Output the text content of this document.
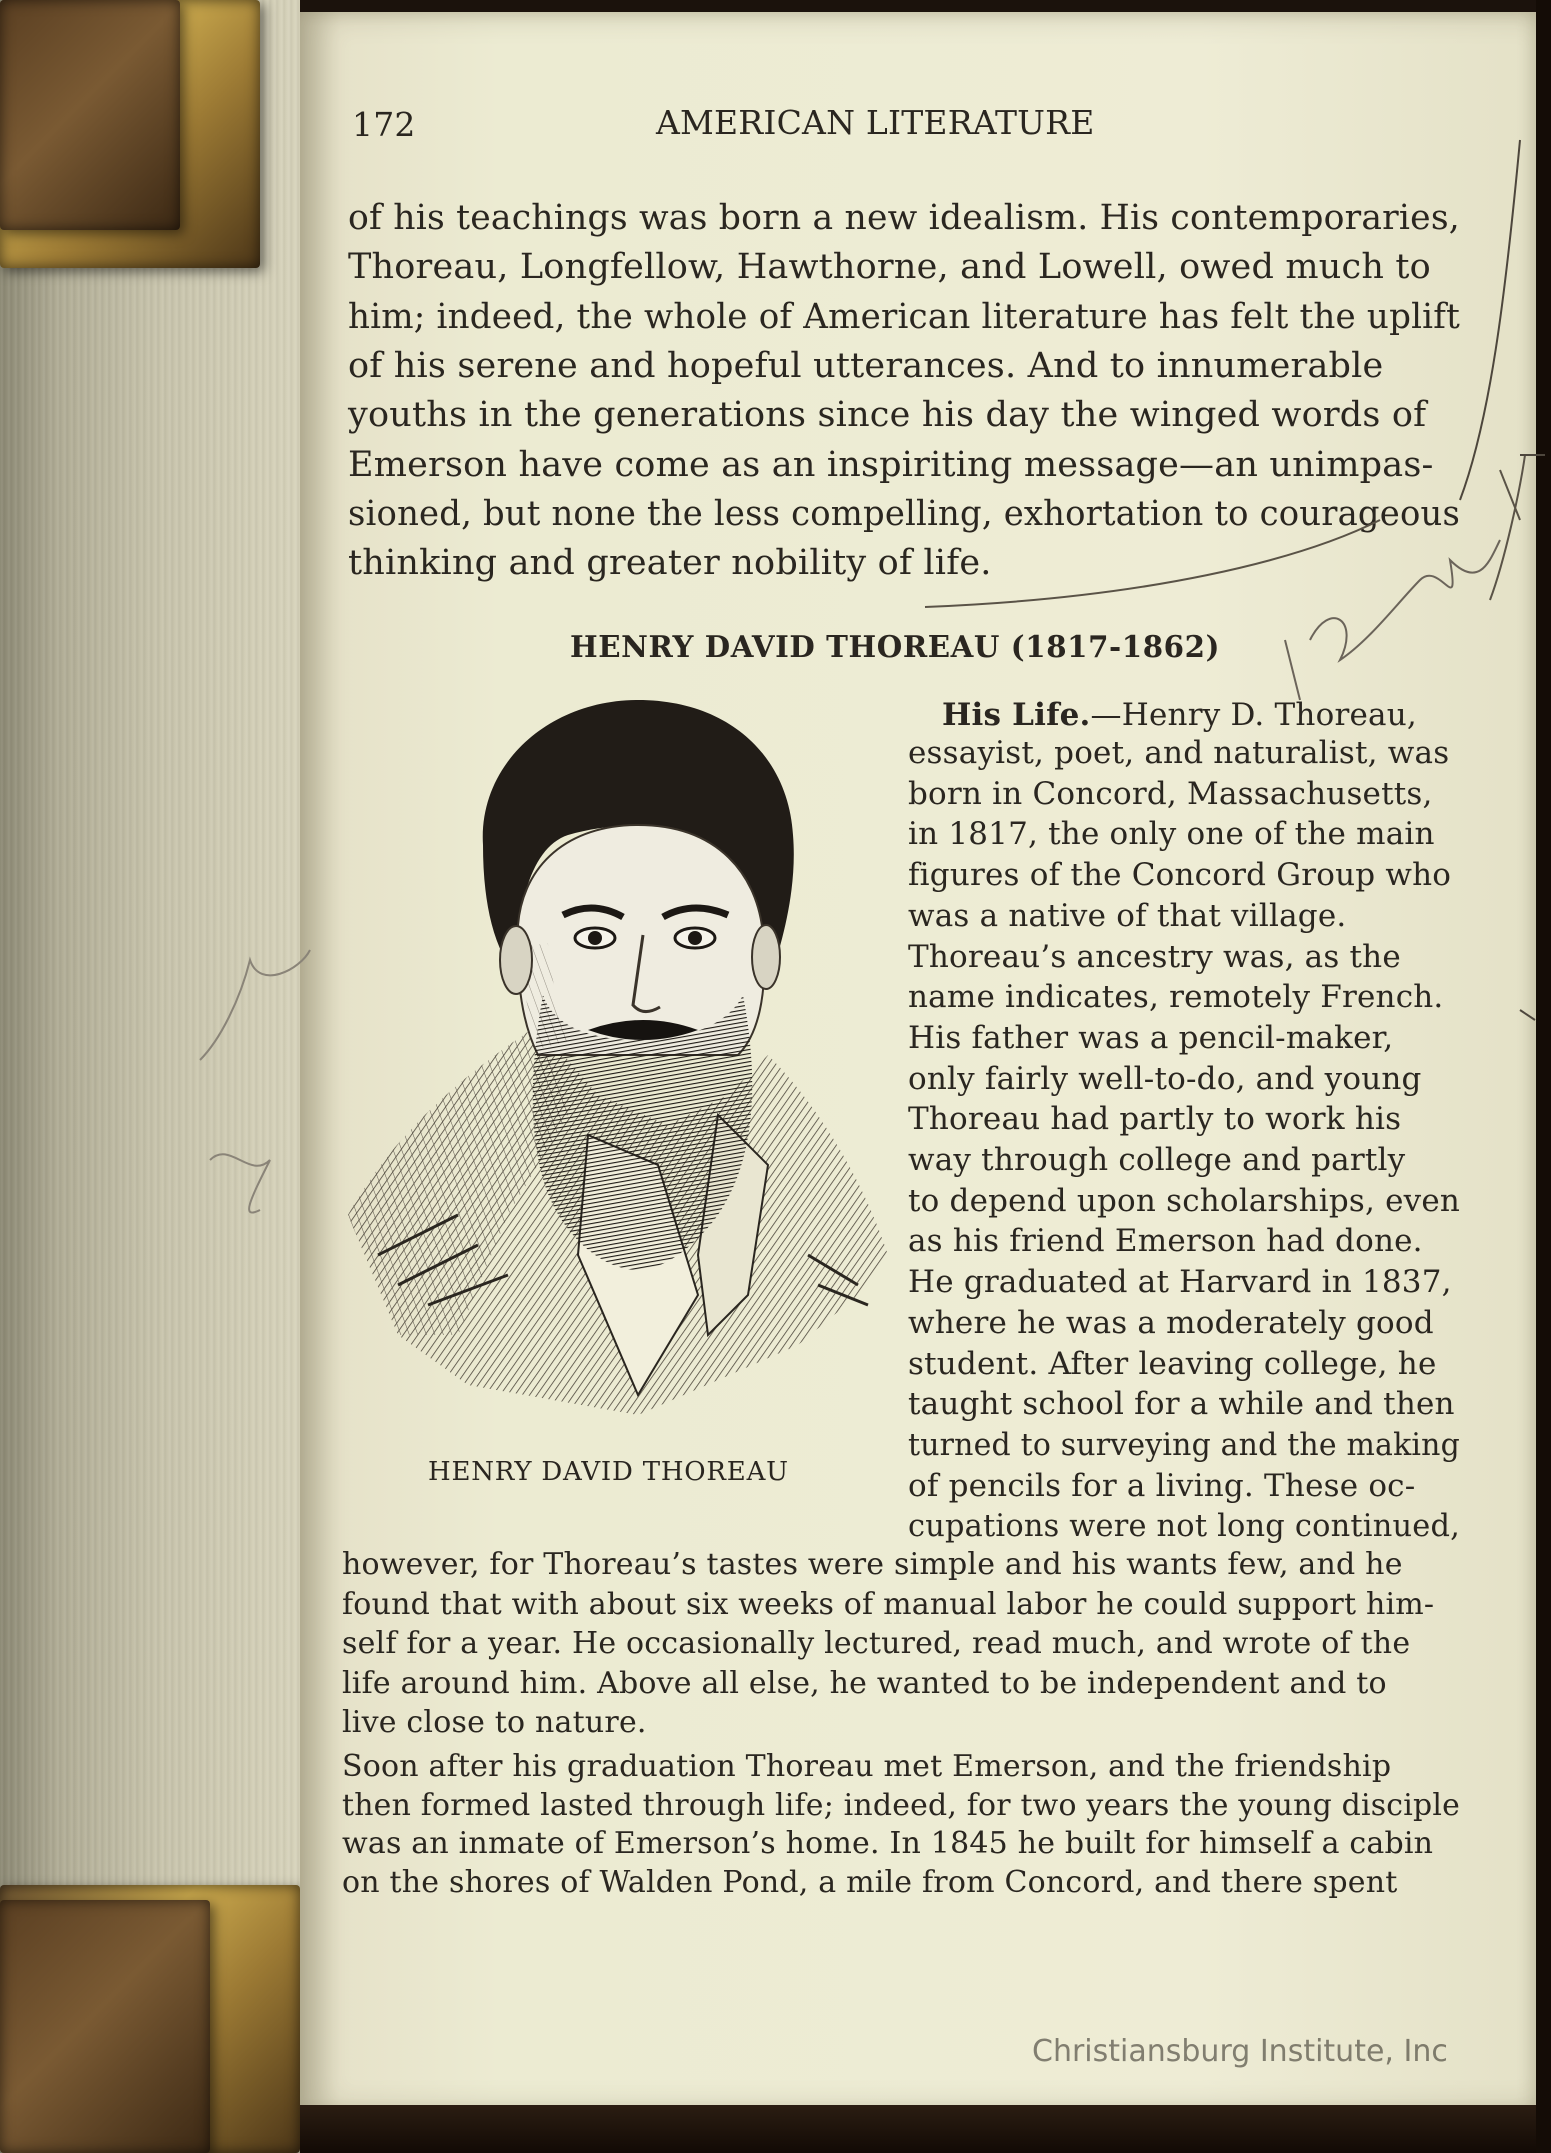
172	AMERICAN LITERATURE
of his teachings was born a new idealism. His contemporaries,
Thoreau, Longfellow, Hawthorne, and Lowell, owed much to
him; indeed, the whole of American literature has felt the uplift
of his serene and hopeful utterances. And to innumerable
youths in the generations since his day the winged words of
Emerson have come as an inspiriting message—an unimpas-
sioned, but none the less compelling, exhortation to courageous
thinking and greater nobility of life.
HENRY DAVID THOREAU (1817-1862)
HENRY DAVID THOREAU
His Life.—Henry D. Thoreau,
essayist, poet, and naturalist, was
born in Concord, Massachusetts,
in 1817, the only one of the main
figures of the Concord Group who
was a native of that village.
Thoreau’s ancestry was, as the
name indicates, remotely French.
His father was a pencil-maker,
only fairly well-to-do, and young
Thoreau had partly to work his
way through college and partly
to depend upon scholarships, even
as his friend Emerson had done.
He graduated at Harvard in 1837,
where he was a moderately good
student. After leaving college, he
taught school for a while and then
turned to surveying and the making
of pencils for a living. These oc-
cupations were not long continued,
however, for Thoreau’s tastes were simple and his wants few, and he
found that with about six weeks of manual labor he could support him-
self for a year. He occasionally lectured, read much, and wrote of the
life around him. Above all else, he wanted to be independent and to
live close to nature.
Soon after his graduation Thoreau met Emerson, and the friendship
then formed lasted through life; indeed, for two years the young disciple
was an inmate of Emerson’s home. In 1845 he built for himself a cabin
on the shores of Walden Pond, a mile from Concord, and there spent
Christiansburg Institute, Inc
